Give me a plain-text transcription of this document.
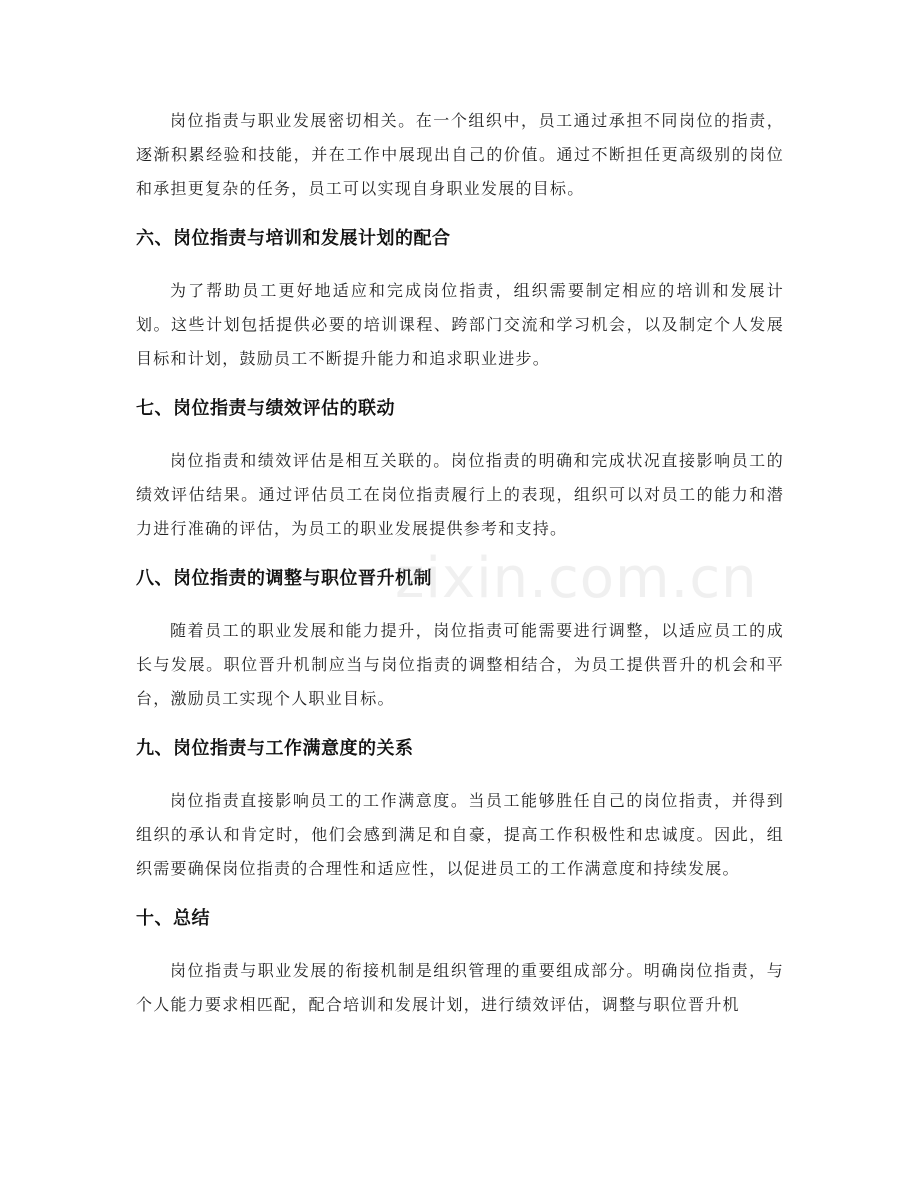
岗位指责与职业发展密切相关。在一个组织中，员工通过承担不同岗位的指责，逐渐积累经验和技能，并在工作中展现出自己的价值。通过不断担任更高级别的岗位和承担更复杂的任务，员工可以实现自身职业发展的目标。

六、岗位指责与培训和发展计划的配合

为了帮助员工更好地适应和完成岗位指责，组织需要制定相应的培训和发展计划。这些计划包括提供必要的培训课程、跨部门交流和学习机会，以及制定个人发展目标和计划，鼓励员工不断提升能力和追求职业进步。

七、岗位指责与绩效评估的联动

岗位指责和绩效评估是相互关联的。岗位指责的明确和完成状况直接影响员工的绩效评估结果。通过评估员工在岗位指责履行上的表现，组织可以对员工的能力和潜力进行准确的评估，为员工的职业发展提供参考和支持。

八、岗位指责的调整与职位晋升机制

随着员工的职业发展和能力提升，岗位指责可能需要进行调整，以适应员工的成长与发展。职位晋升机制应当与岗位指责的调整相结合，为员工提供晋升的机会和平台，激励员工实现个人职业目标。

九、岗位指责与工作满意度的关系

岗位指责直接影响员工的工作满意度。当员工能够胜任自己的岗位指责，并得到组织的承认和肯定时，他们会感到满足和自豪，提高工作积极性和忠诚度。因此，组织需要确保岗位指责的合理性和适应性，以促进员工的工作满意度和持续发展。

十、总结

岗位指责与职业发展的衔接机制是组织管理的重要组成部分。明确岗位指责，与个人能力要求相匹配，配合培训和发展计划，进行绩效评估，调整与职位晋升机

zixin.com.cn
